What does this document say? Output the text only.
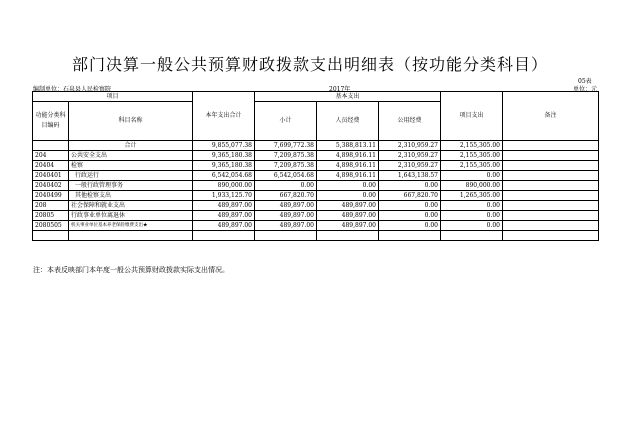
部门决算一般公共预算财政拨款支出明细表（按功能分类科目）
05表
编制单位：石泉县人民检察院	2017年	单位：元
项目		本年支出合计	基本支出			项目支出	备注
功能分类科目编码	科目名称		小计	人员经费	公用经费		

	合计	9,855,077.38	7,699,772.38	5,388,813.11	2,310,959.27	2,155,305.00	
204	公共安全支出	9,365,180.38	7,209,875.38	4,898,916.11	2,310,959.27	2,155,305.00	
20404	检察	9,365,180.38	7,209,875.38	4,898,916.11	2,310,959.27	2,155,305.00	
2040401	行政运行	6,542,054.68	6,542,054.68	4,898,916.11	1,643,138.57	0.00	
2040402	一般行政管理事务	890,000.00	0.00	0.00	0.00	890,000.00	
2040499	其他检察支出	1,933,125.70	667,820.70	0.00	667,820.70	1,265,305.00	
208	社会保障和就业支出	489,897.00	489,897.00	489,897.00	0.00	0.00	
20805	行政事业单位离退休	489,897.00	489,897.00	489,897.00	0.00	0.00	
2080505	机关事业单位基本养老保险缴费支出★	489,897.00	489,897.00	489,897.00	0.00	0.00	

注：本表反映部门本年度一般公共预算财政拨款实际支出情况。
